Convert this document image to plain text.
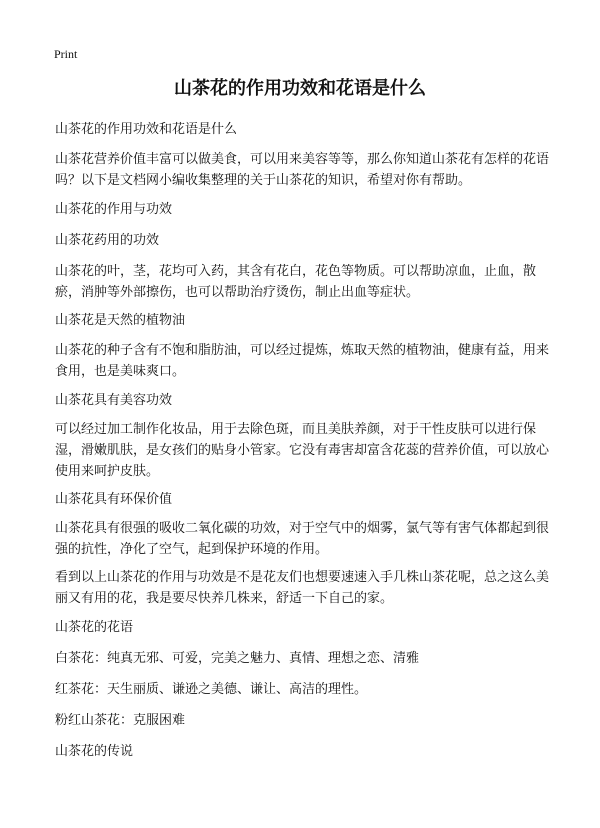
Print
山茶花的作用功效和花语是什么

山茶花的作用功效和花语是什么

山茶花营养价值丰富可以做美食，可以用来美容等等，那么你知道山茶花有怎样的花语吗？以下是文档网小编收集整理的关于山茶花的知识，希望对你有帮助。

山茶花的作用与功效

山茶花药用的功效

山茶花的叶，茎，花均可入药，其含有花白，花色等物质。可以帮助凉血，止血，散瘀，消肿等外部擦伤，也可以帮助治疗烫伤，制止出血等症状。

山茶花是天然的植物油

山茶花的种子含有不饱和脂肪油，可以经过提炼，炼取天然的植物油，健康有益，用来食用，也是美味爽口。

山茶花具有美容功效

可以经过加工制作化妆品，用于去除色斑，而且美肤养颜，对于干性皮肤可以进行保湿，滑嫩肌肤，是女孩们的贴身小管家。它没有毒害却富含花蕊的营养价值，可以放心使用来呵护皮肤。

山茶花具有环保价值

山茶花具有很强的吸收二氧化碳的功效，对于空气中的烟雾，氯气等有害气体都起到很强的抗性，净化了空气，起到保护环境的作用。

看到以上山茶花的作用与功效是不是花友们也想要速速入手几株山茶花呢，总之这么美丽又有用的花，我是要尽快养几株来，舒适一下自己的家。

山茶花的花语

白茶花：纯真无邪、可爱，完美之魅力、真情、理想之恋、清雅

红茶花：天生丽质、谦逊之美德、谦让、高洁的理性。

粉红山茶花：克服困难

山茶花的传说
